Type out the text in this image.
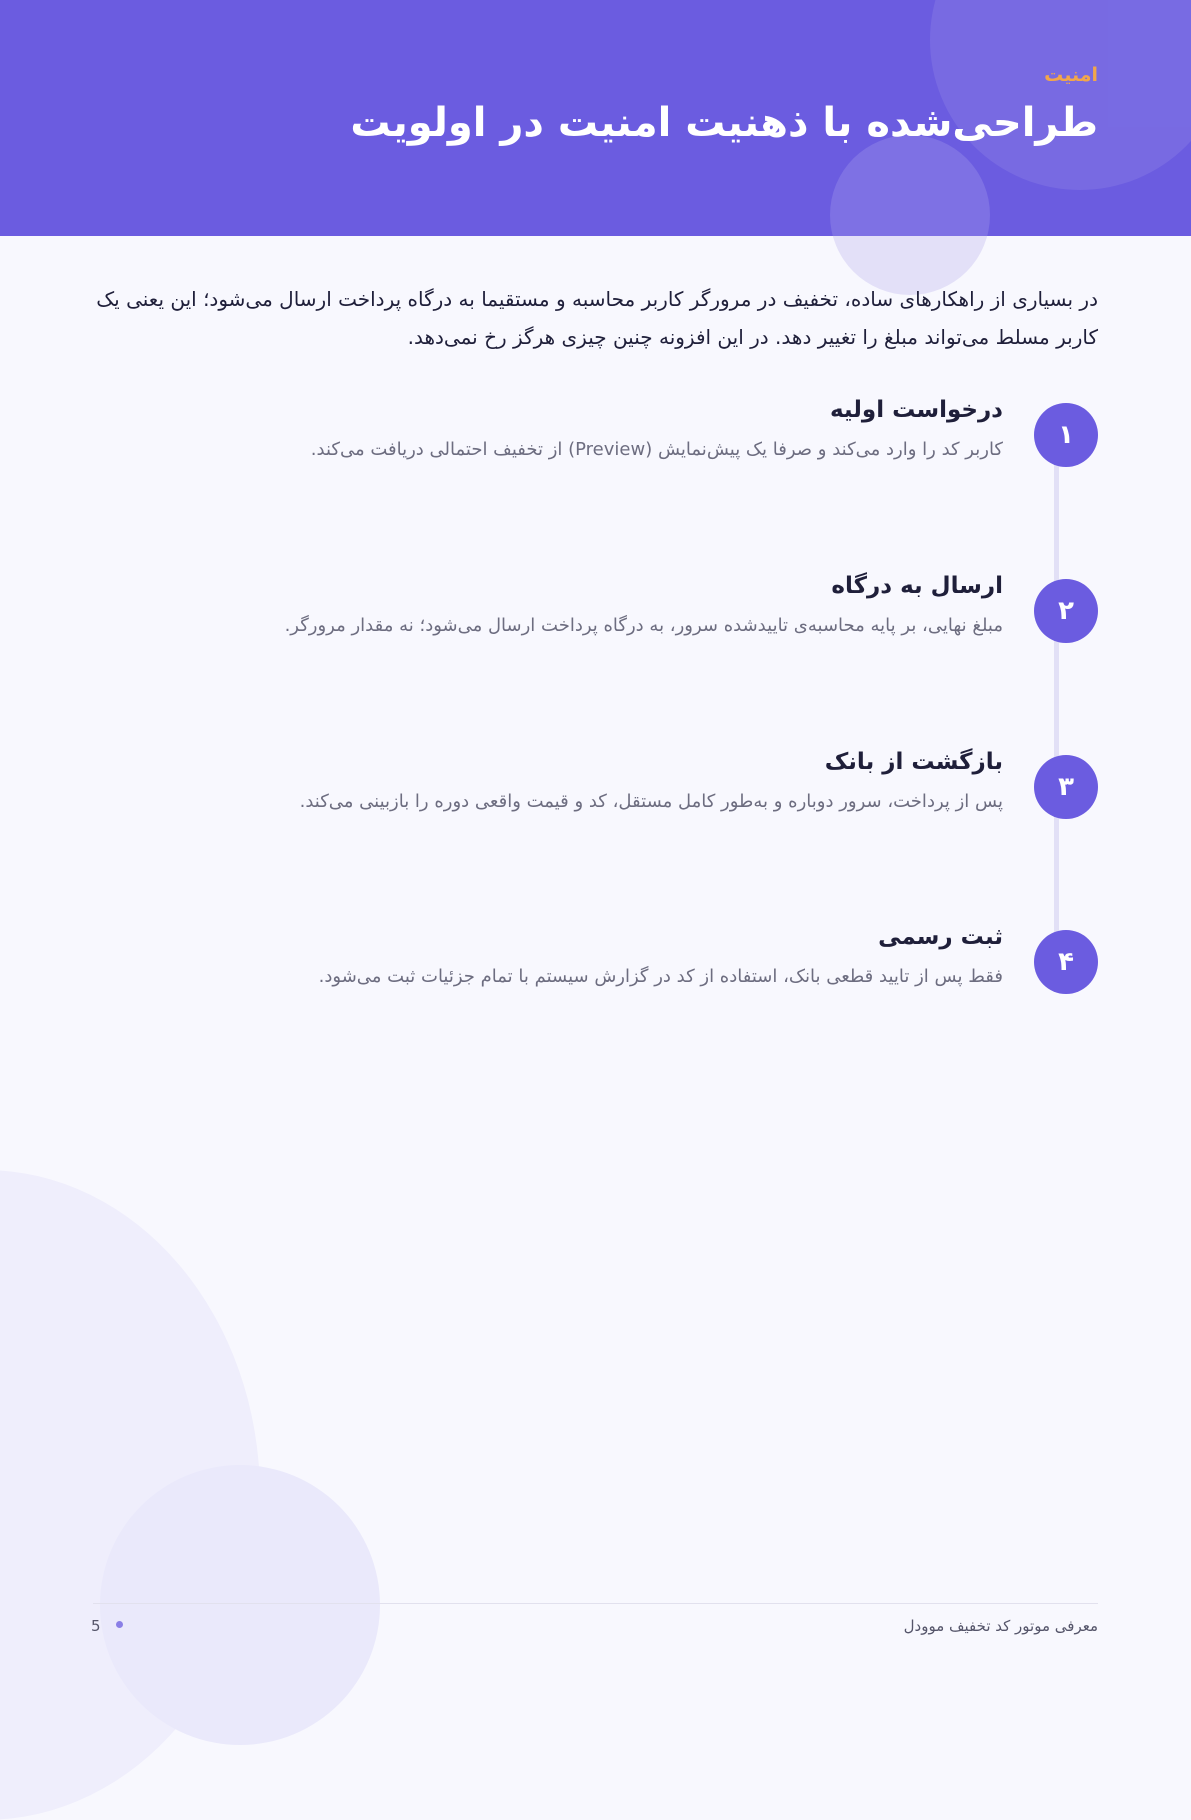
امنیت

طراحی‌شده با ذهنیت امنیت در اولویت

در بسیاری از راهکارهای ساده، تخفیف در مرورگر کاربر محاسبه و مستقیما به درگاه پرداخت ارسال می‌شود؛ این یعنی یک کاربر مسلط می‌تواند مبلغ را تغییر دهد. در این افزونه چنین چیزی هرگز رخ نمی‌دهد.

۱
درخواست اولیه

کاربر کد را وارد می‌کند و صرفا یک پیش‌نمایش (Preview) از تخفیف احتمالی دریافت می‌کند.

۲
ارسال به درگاه

مبلغ نهایی، بر پایه محاسبه‌ی تاییدشده سرور، به درگاه پرداخت ارسال می‌شود؛ نه مقدار مرورگر.

۳
بازگشت از بانک

پس از پرداخت، سرور دوباره و به‌طور کامل مستقل، کد و قیمت واقعی دوره را بازبینی می‌کند.

۴
ثبت رسمی

فقط پس از تایید قطعی بانک، استفاده از کد در گزارش سیستم با تمام جزئیات ثبت می‌شود.

معرفی موتور کد تخفیف موودل

5
